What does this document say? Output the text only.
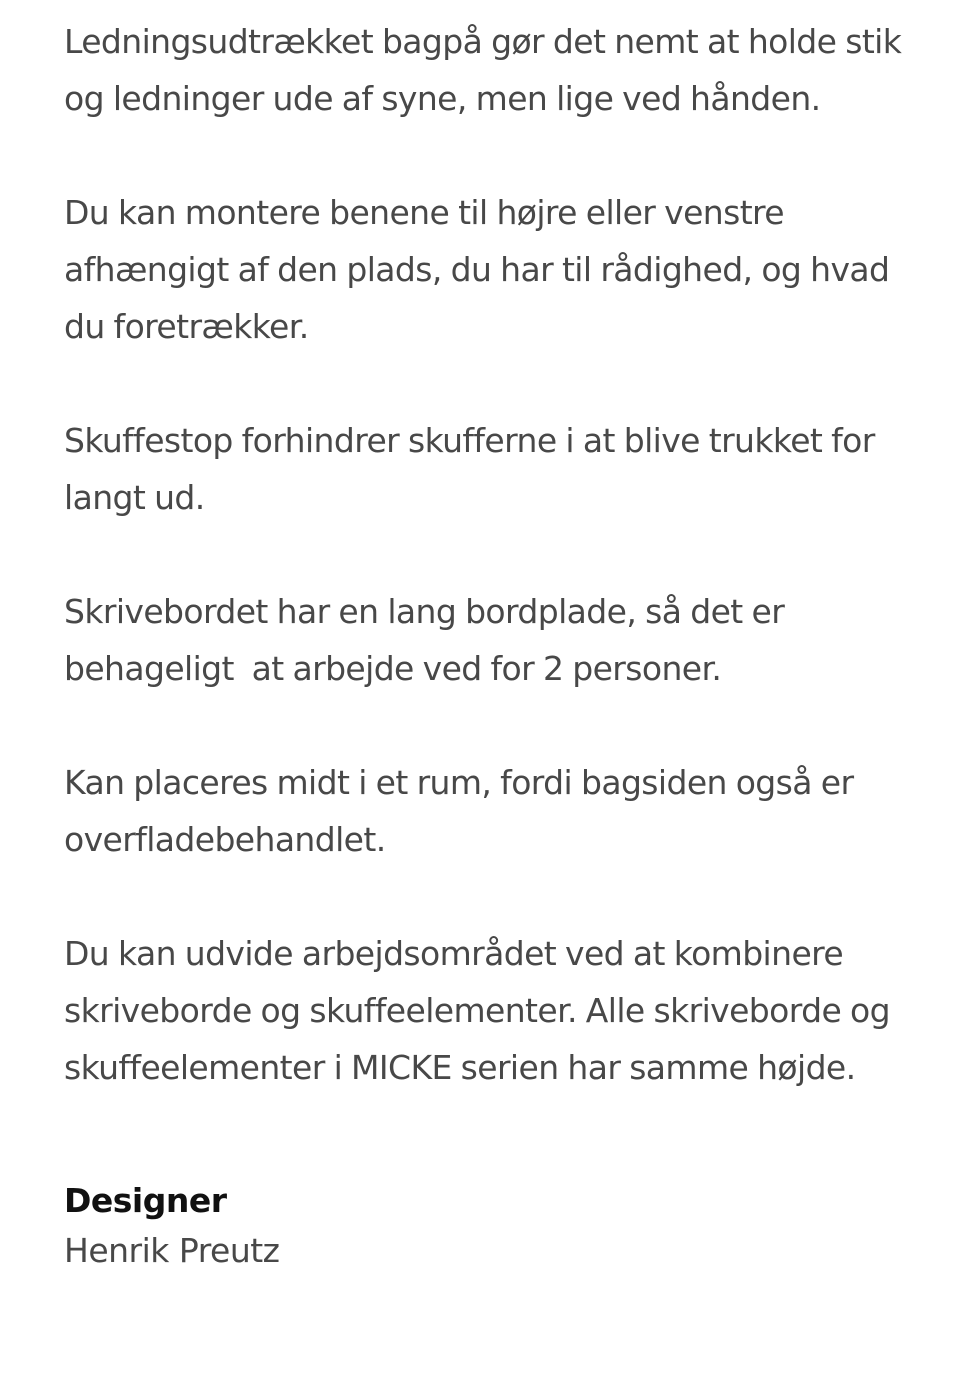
Ledningsudtrækket bagpå gør det nemt at holde stik og ledninger ude af syne, men lige ved hånden.

Du kan montere benene til højre eller venstre afhængigt af den plads, du har til rådighed, og hvad du foretrækker.

Skuffestop forhindrer skufferne i at blive trukket for langt ud.

Skrivebordet har en lang bordplade, så det er behageligt  at arbejde ved for 2 personer.

Kan placeres midt i et rum, fordi bagsiden også er overfladebehandlet.

Du kan udvide arbejdsområdet ved at kombinere skriveborde og skuffeelementer. Alle skriveborde og skuffeelementer i MICKE serien har samme højde.

Designer

Henrik Preutz
